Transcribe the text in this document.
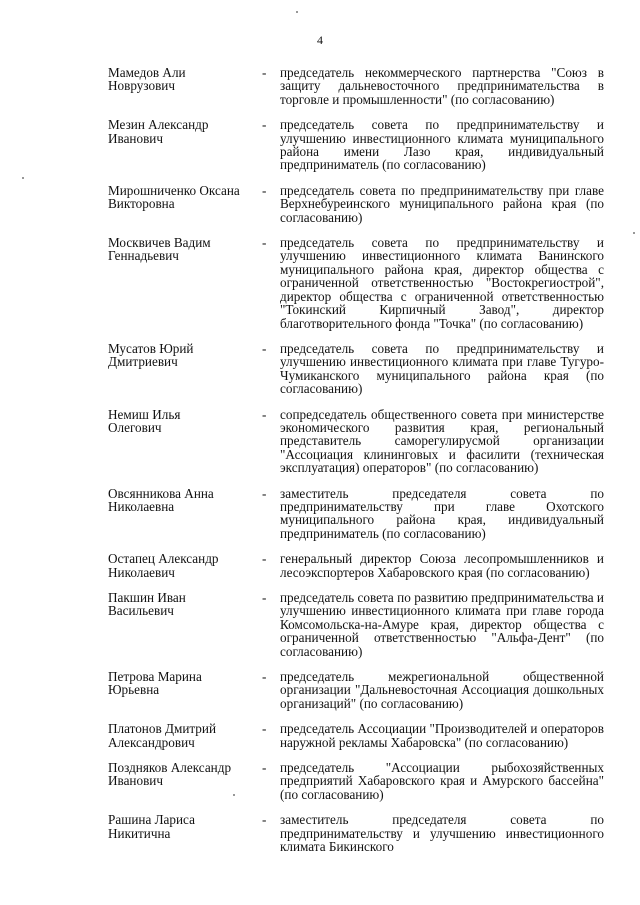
4
Мамедов Али
Новрузович
-	председатель некоммерческого партнерства "Союз в защиту дальневосточного предпринимательства в торговле и промышленности" (по согласованию)
Мезин Александр
Иванович
-	председатель совета по предпринимательству и улучшению инвестиционного климата муниципального района имени Лазо края, индивидуальный предприниматель (по согласованию)
Мирошниченко Оксана
Викторовна
-	председатель совета по предпринимательству при главе Верхнебуреинского муниципального района края (по согласованию)
Москвичев Вадим
Геннадьевич
-	председатель совета по предпринимательству и улучшению инвестиционного климата Ванинского муниципального района края, директор общества с ограниченной ответственностью "Востокрегиострой", директор общества с ограниченной ответственностью "Токинский Кирпичный Завод", директор благотворительного фонда "Точка" (по согласованию)
Мусатов Юрий
Дмитриевич
-	председатель совета по предпринимательству и улучшению инвестиционного климата при главе Тугуро-Чумиканского муниципального района края (по согласованию)
Немиш Илья
Олегович
-	сопредседатель общественного совета при министерстве экономического развития края, региональный представитель саморегулирусмой организации "Ассоциация клининговых и фасилити (техническая эксплуатация) операторов" (по согласованию)
Овсянникова Анна
Николаевна
-	заместитель председателя совета по предпринимательству при главе Охотского муниципального района края, индивидуальный предприниматель (по согласованию)
Остапец Александр
Николаевич
-	генеральный директор Союза лесопромышленников и лесоэкспортеров Хабаровского края (по согласованию)
Пакшин Иван
Васильевич
-	председатель совета по развитию предпринимательства и улучшению инвестиционного климата при главе города Комсомольска-на-Амуре края, директор общества с ограниченной ответственностью "Альфа-Дент" (по согласованию)
Петрова Марина
Юрьевна
-	председатель межрегиональной общественной организации "Дальневосточная Ассоциация дошкольных организаций" (по согласованию)
Платонов Дмитрий
Александрович
-	председатель Ассоциации "Производителей и операторов наружной рекламы Хабаровска" (по согласованию)
Поздняков Александр
Иванович
-	председатель "Ассоциации рыбохозяйственных предприятий Хабаровского края и Амурского бассейна" (по согласованию)
Рашина Лариса
Никитична
-	заместитель председателя совета по предпринимательству и улучшению инвестиционного климата Бикинского
